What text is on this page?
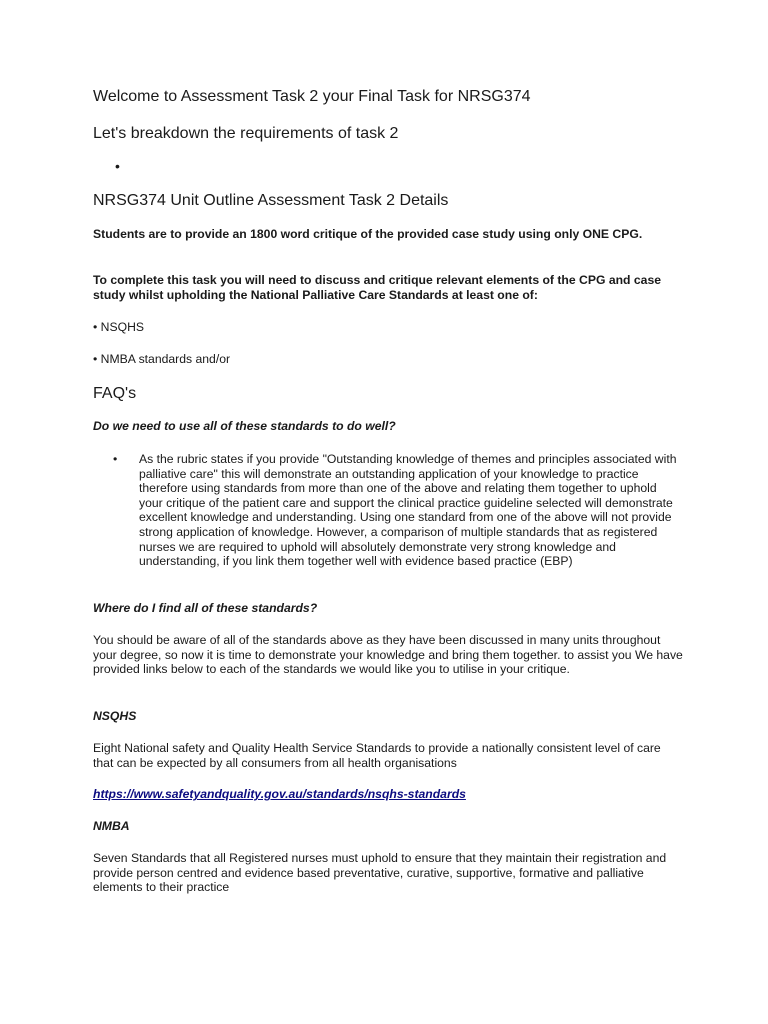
Welcome to Assessment Task 2 your Final Task for NRSG374
Let's breakdown the requirements of task 2
•
NRSG374 Unit Outline Assessment Task 2 Details

Students are to provide an 1800 word critique of the provided case study using only ONE CPG.

To complete this task you will need to discuss and critique relevant elements of the CPG and case study whilst upholding the National Palliative Care Standards at least one of:

• NSQHS

• NMBA standards and/or

FAQ's

Do we need to use all of these standards to do well?

• As the rubric states if you provide "Outstanding knowledge of themes and principles associated with palliative care" this will demonstrate an outstanding application of your knowledge to practice therefore using standards from more than one of the above and relating them together to uphold your critique of the patient care and support the clinical practice guideline selected will demonstrate excellent knowledge and understanding. Using one standard from one of the above will not provide strong application of knowledge. However, a comparison of multiple standards that as registered nurses we are required to uphold will absolutely demonstrate very strong knowledge and understanding, if you link them together well with evidence based practice (EBP)

Where do I find all of these standards?

You should be aware of all of the standards above as they have been discussed in many units throughout your degree, so now it is time to demonstrate your knowledge and bring them together. to assist you We have provided links below to each of the standards we would like you to utilise in your critique.

NSQHS

Eight National safety and Quality Health Service Standards to provide a nationally consistent level of care that can be expected by all consumers from all health organisations

https://www.safetyandquality.gov.au/standards/nsqhs-standards

NMBA

Seven Standards that all Registered nurses must uphold to ensure that they maintain their registration and provide person centred and evidence based preventative, curative, supportive, formative and palliative elements to their practice
